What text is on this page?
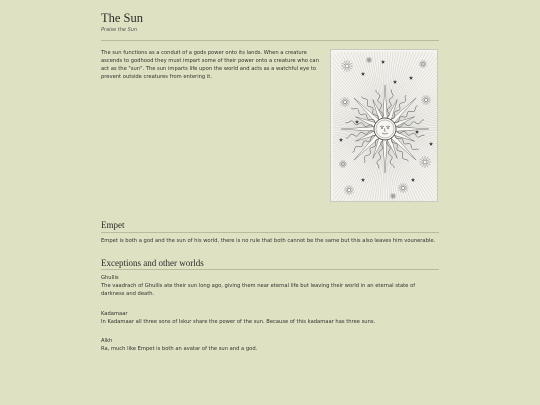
The Sun
Praise the Sun

The sun functions as a conduit of a gods power onto its lands. When a creature ascends to godhood they must impart some of their power onto a creature who can act as the "sun". The sun imparts life upon the world and acts as a watchful eye to prevent outside creatures from entering it.

Empet

Empet is both a god and the sun of his world, there is no rule that both cannot be the same but this also leaves him vounerable.

Exceptions and other worlds
Ghullis

The vaadrach of Ghullis ate their sun long ago, giving them near eternal life but leaving their world in an eternal state of darkness and death.

Kadamaar

In Kadamaar all three sons of Iskur share the power of the sun. Because of this kadamaar has three suns.

Alkh

Ra, much like Empet is both an avatar of the sun and a god.
